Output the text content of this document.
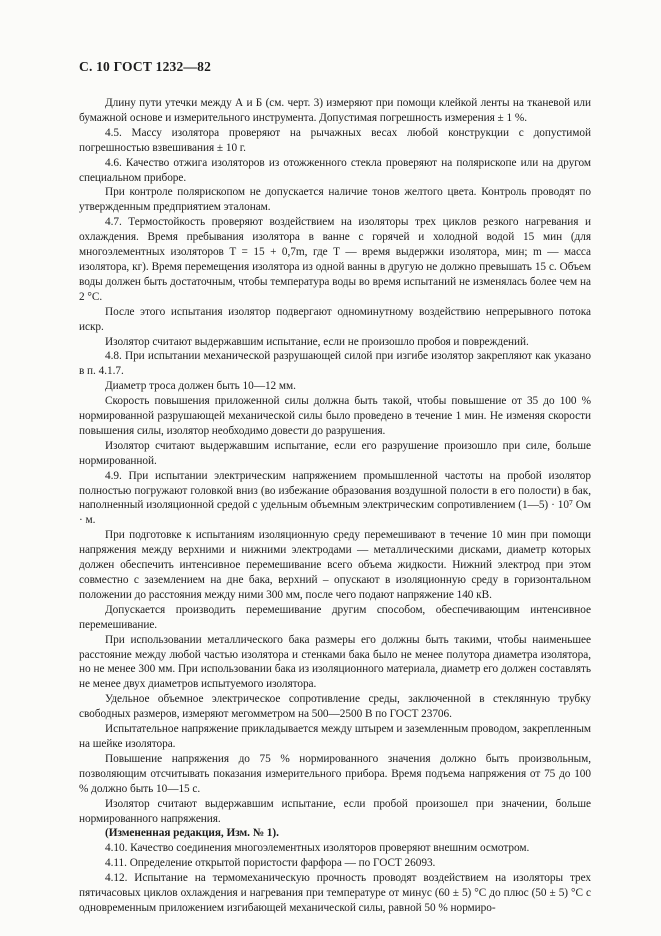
С. 10 ГОСТ 1232—82

Длину пути утечки между А и Б (см. черт. 3) измеряют при помощи клейкой ленты на тканевой или бумажной основе и измерительного инструмента. Допустимая погрешность измерения ± 1 %.

4.5. Массу изолятора проверяют на рычажных весах любой конструкции с допустимой погрешностью взвешивания ± 10 г.

4.6. Качество отжига изоляторов из отожженного стекла проверяют на полярископе или на другом специальном приборе.

При контроле полярископом не допускается наличие тонов желтого цвета. Контроль проводят по утвержденным предприятием эталонам.

4.7. Термостойкость проверяют воздействием на изоляторы трех циклов резкого нагревания и охлаждения. Время пребывания изолятора в ванне с горячей и холодной водой 15 мин (для многоэлементных изоляторов T = 15 + 0,7m, где T — время выдержки изолятора, мин; m — масса изолятора, кг). Время перемещения изолятора из одной ванны в другую не должно превышать 15 с. Объем воды должен быть достаточным, чтобы температура воды во время испытаний не изменялась более чем на 2 °С.

После этого испытания изолятор подвергают одноминутному воздействию непрерывного потока искр.

Изолятор считают выдержавшим испытание, если не произошло пробоя и повреждений.

4.8. При испытании механической разрушающей силой при изгибе изолятор закрепляют как указано в п. 4.1.7.

Диаметр троса должен быть 10—12 мм.

Скорость повышения приложенной силы должна быть такой, чтобы повышение от 35 до 100 % нормированной разрушающей механической силы было проведено в течение 1 мин. Не изменяя скорости повышения силы, изолятор необходимо довести до разрушения.

Изолятор считают выдержавшим испытание, если его разрушение произошло при силе, больше нормированной.

4.9. При испытании электрическим напряжением промышленной частоты на пробой изолятор полностью погружают головкой вниз (во избежание образования воздушной полости в его полости) в бак, наполненный изоляционной средой с удельным объемным электрическим сопротивлением (1—5) · 10⁷ Ом · м.

При подготовке к испытаниям изоляционную среду перемешивают в течение 10 мин при помощи напряжения между верхними и нижними электродами — металлическими дисками, диаметр которых должен обеспечить интенсивное перемешивание всего объема жидкости. Нижний электрод при этом совместно с заземлением на дне бака, верхний – опускают в изоляционную среду в горизонтальном положении до расстояния между ними 300 мм, после чего подают напряжение 140 кВ.

Допускается производить перемешивание другим способом, обеспечивающим интенсивное перемешивание.

При использовании металлического бака размеры его должны быть такими, чтобы наименьшее расстояние между любой частью изолятора и стенками бака было не менее полутора диаметра изолятора, но не менее 300 мм. При использовании бака из изоляционного материала, диаметр его должен составлять не менее двух диаметров испытуемого изолятора.

Удельное объемное электрическое сопротивление среды, заключенной в стеклянную трубку свободных размеров, измеряют мегомметром на 500—2500 В по ГОСТ 23706.

Испытательное напряжение прикладывается между штырем и заземленным проводом, закрепленным на шейке изолятора.

Повышение напряжения до 75 % нормированного значения должно быть произвольным, позволяющим отсчитывать показания измерительного прибора. Время подъема напряжения от 75 до 100 % должно быть 10—15 с.

Изолятор считают выдержавшим испытание, если пробой произошел при значении, больше нормированного напряжения.

(Измененная редакция, Изм. № 1).

4.10. Качество соединения многоэлементных изоляторов проверяют внешним осмотром.

4.11. Определение открытой пористости фарфора — по ГОСТ 26093.

4.12. Испытание на термомеханическую прочность проводят воздействием на изоляторы трех пятичасовых циклов охлаждения и нагревания при температуре от минус (60 ± 5) °С до плюс (50 ± 5) °С с одновременным приложением изгибающей механической силы, равной 50 % нормиро-
